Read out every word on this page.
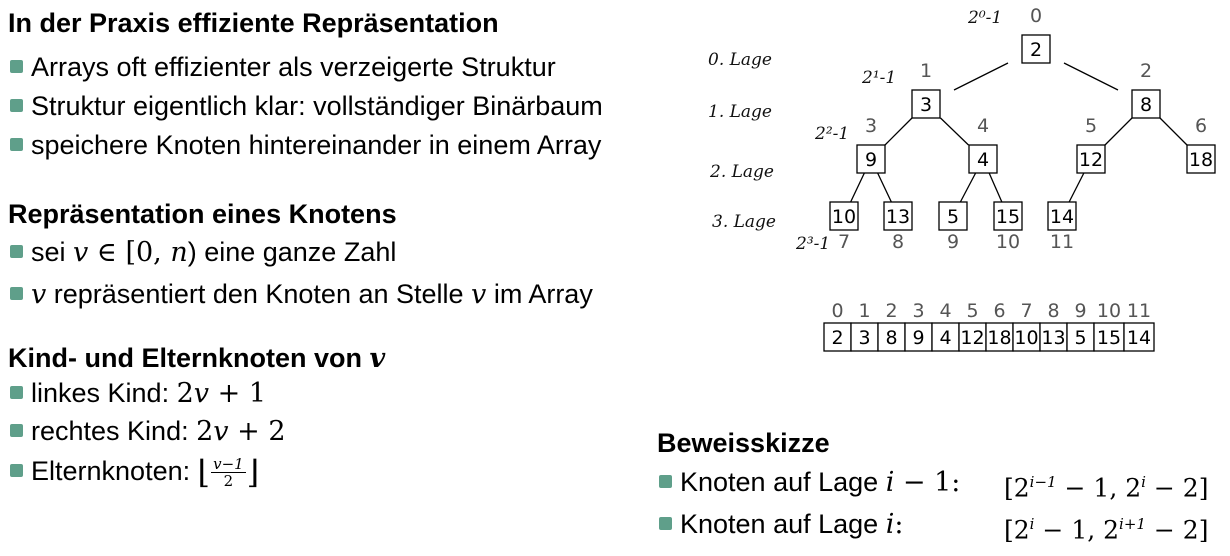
In der Praxis effiziente Repräsentation
Arrays oft effizienter als verzeigerte Struktur
Struktur eigentlich klar: vollständiger Binärbaum
speichere Knoten hintereinander in einem Array
Repräsentation eines Knotens
sei v ∈ [0, n) eine ganze Zahl
v repräsentiert den Knoten an Stelle v im Array
Kind- und Elternknoten von v
linkes Kind: 2v + 1
rechtes Kind: 2v + 2
Elternknoten: ⌊ $\frac{v-1}{2}$ ⌋
Beweisskizze
Knoten auf Lage i − 1: [$2^{i-1} - 1$, $2^i - 2$]
Knoten auf Lage i:	[$2^i - 1$, $2^{i+1} - 2$]
0. Lage
1. Lage
2. Lage
3. Lage
2⁰-1
2¹-1
2²-1
2³-1
2
0
3
1
8
2
9
3
4
4
12
5
18
6
10
7
13
8
5
9
15
10
14
11
2
0
3
1
8
2
9
3
4
4
12
5
18
6
10
7
13
8
5
9
15
10
14
11
